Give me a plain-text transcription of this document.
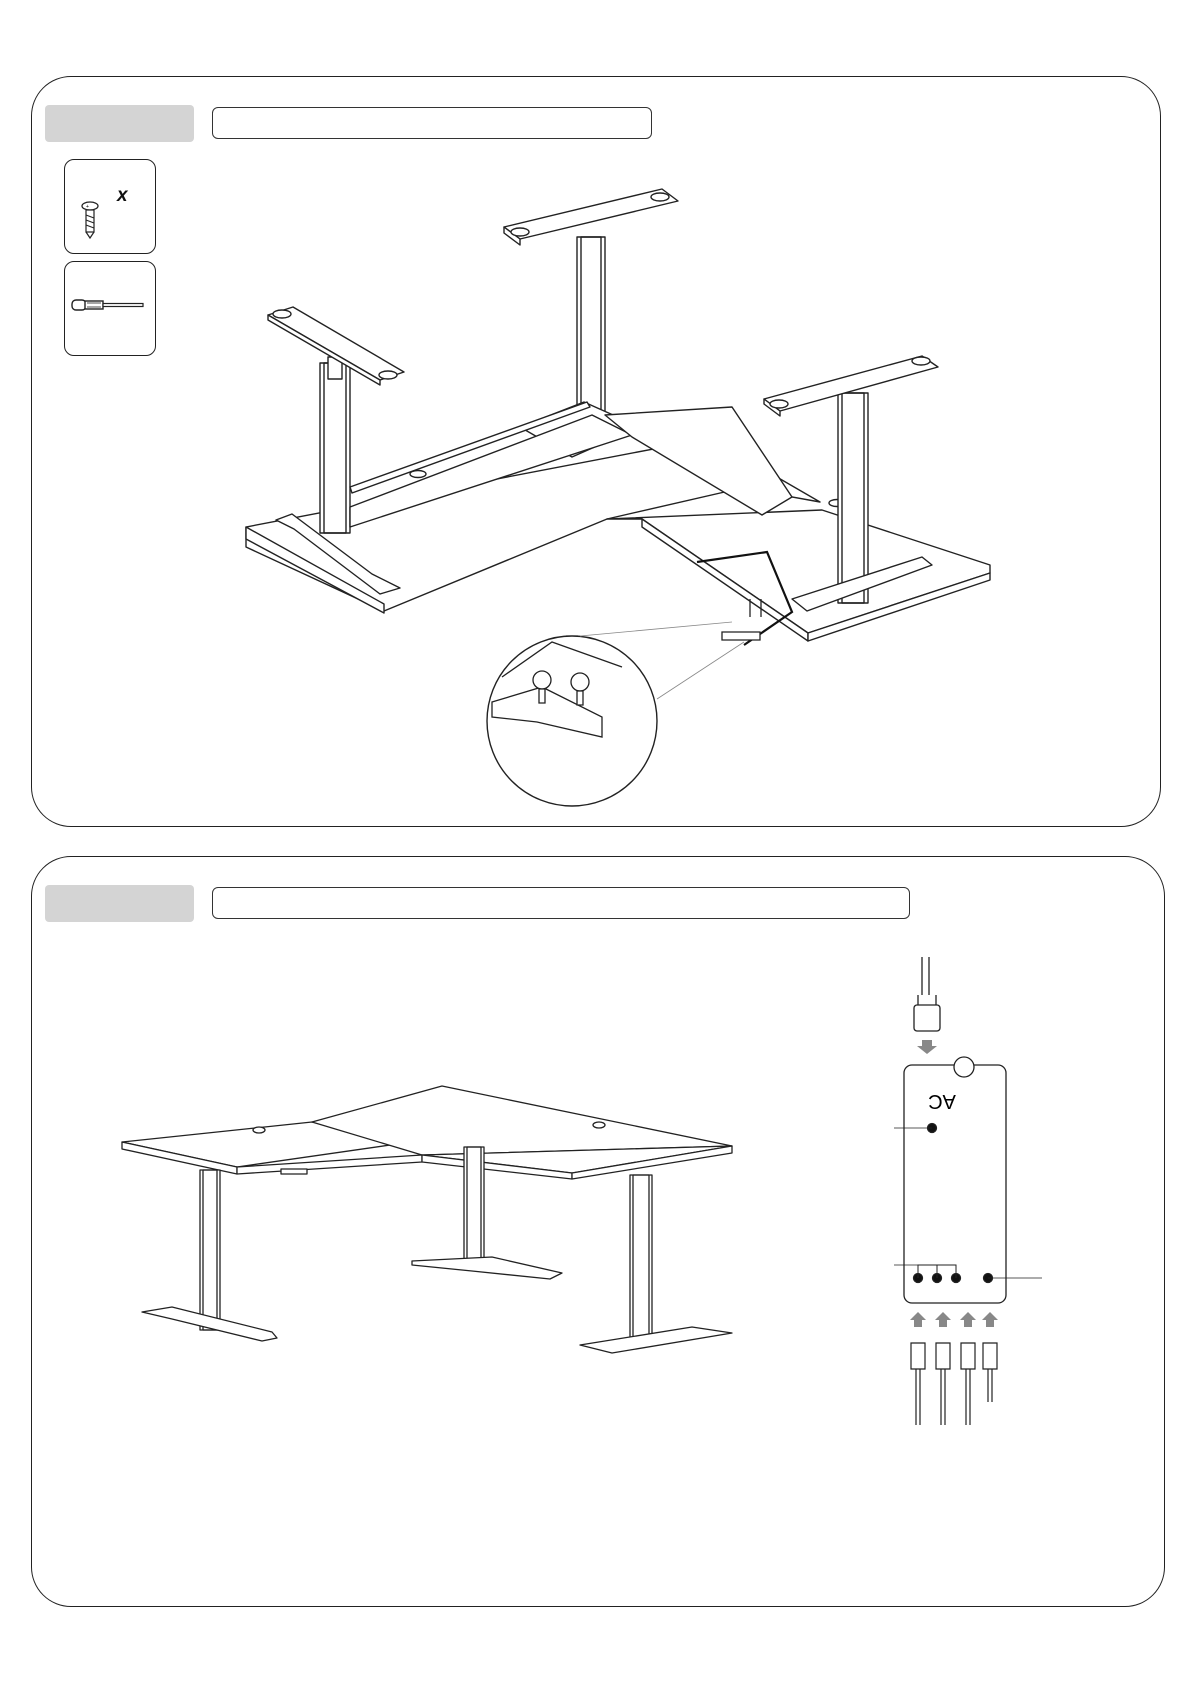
+
x
AC
